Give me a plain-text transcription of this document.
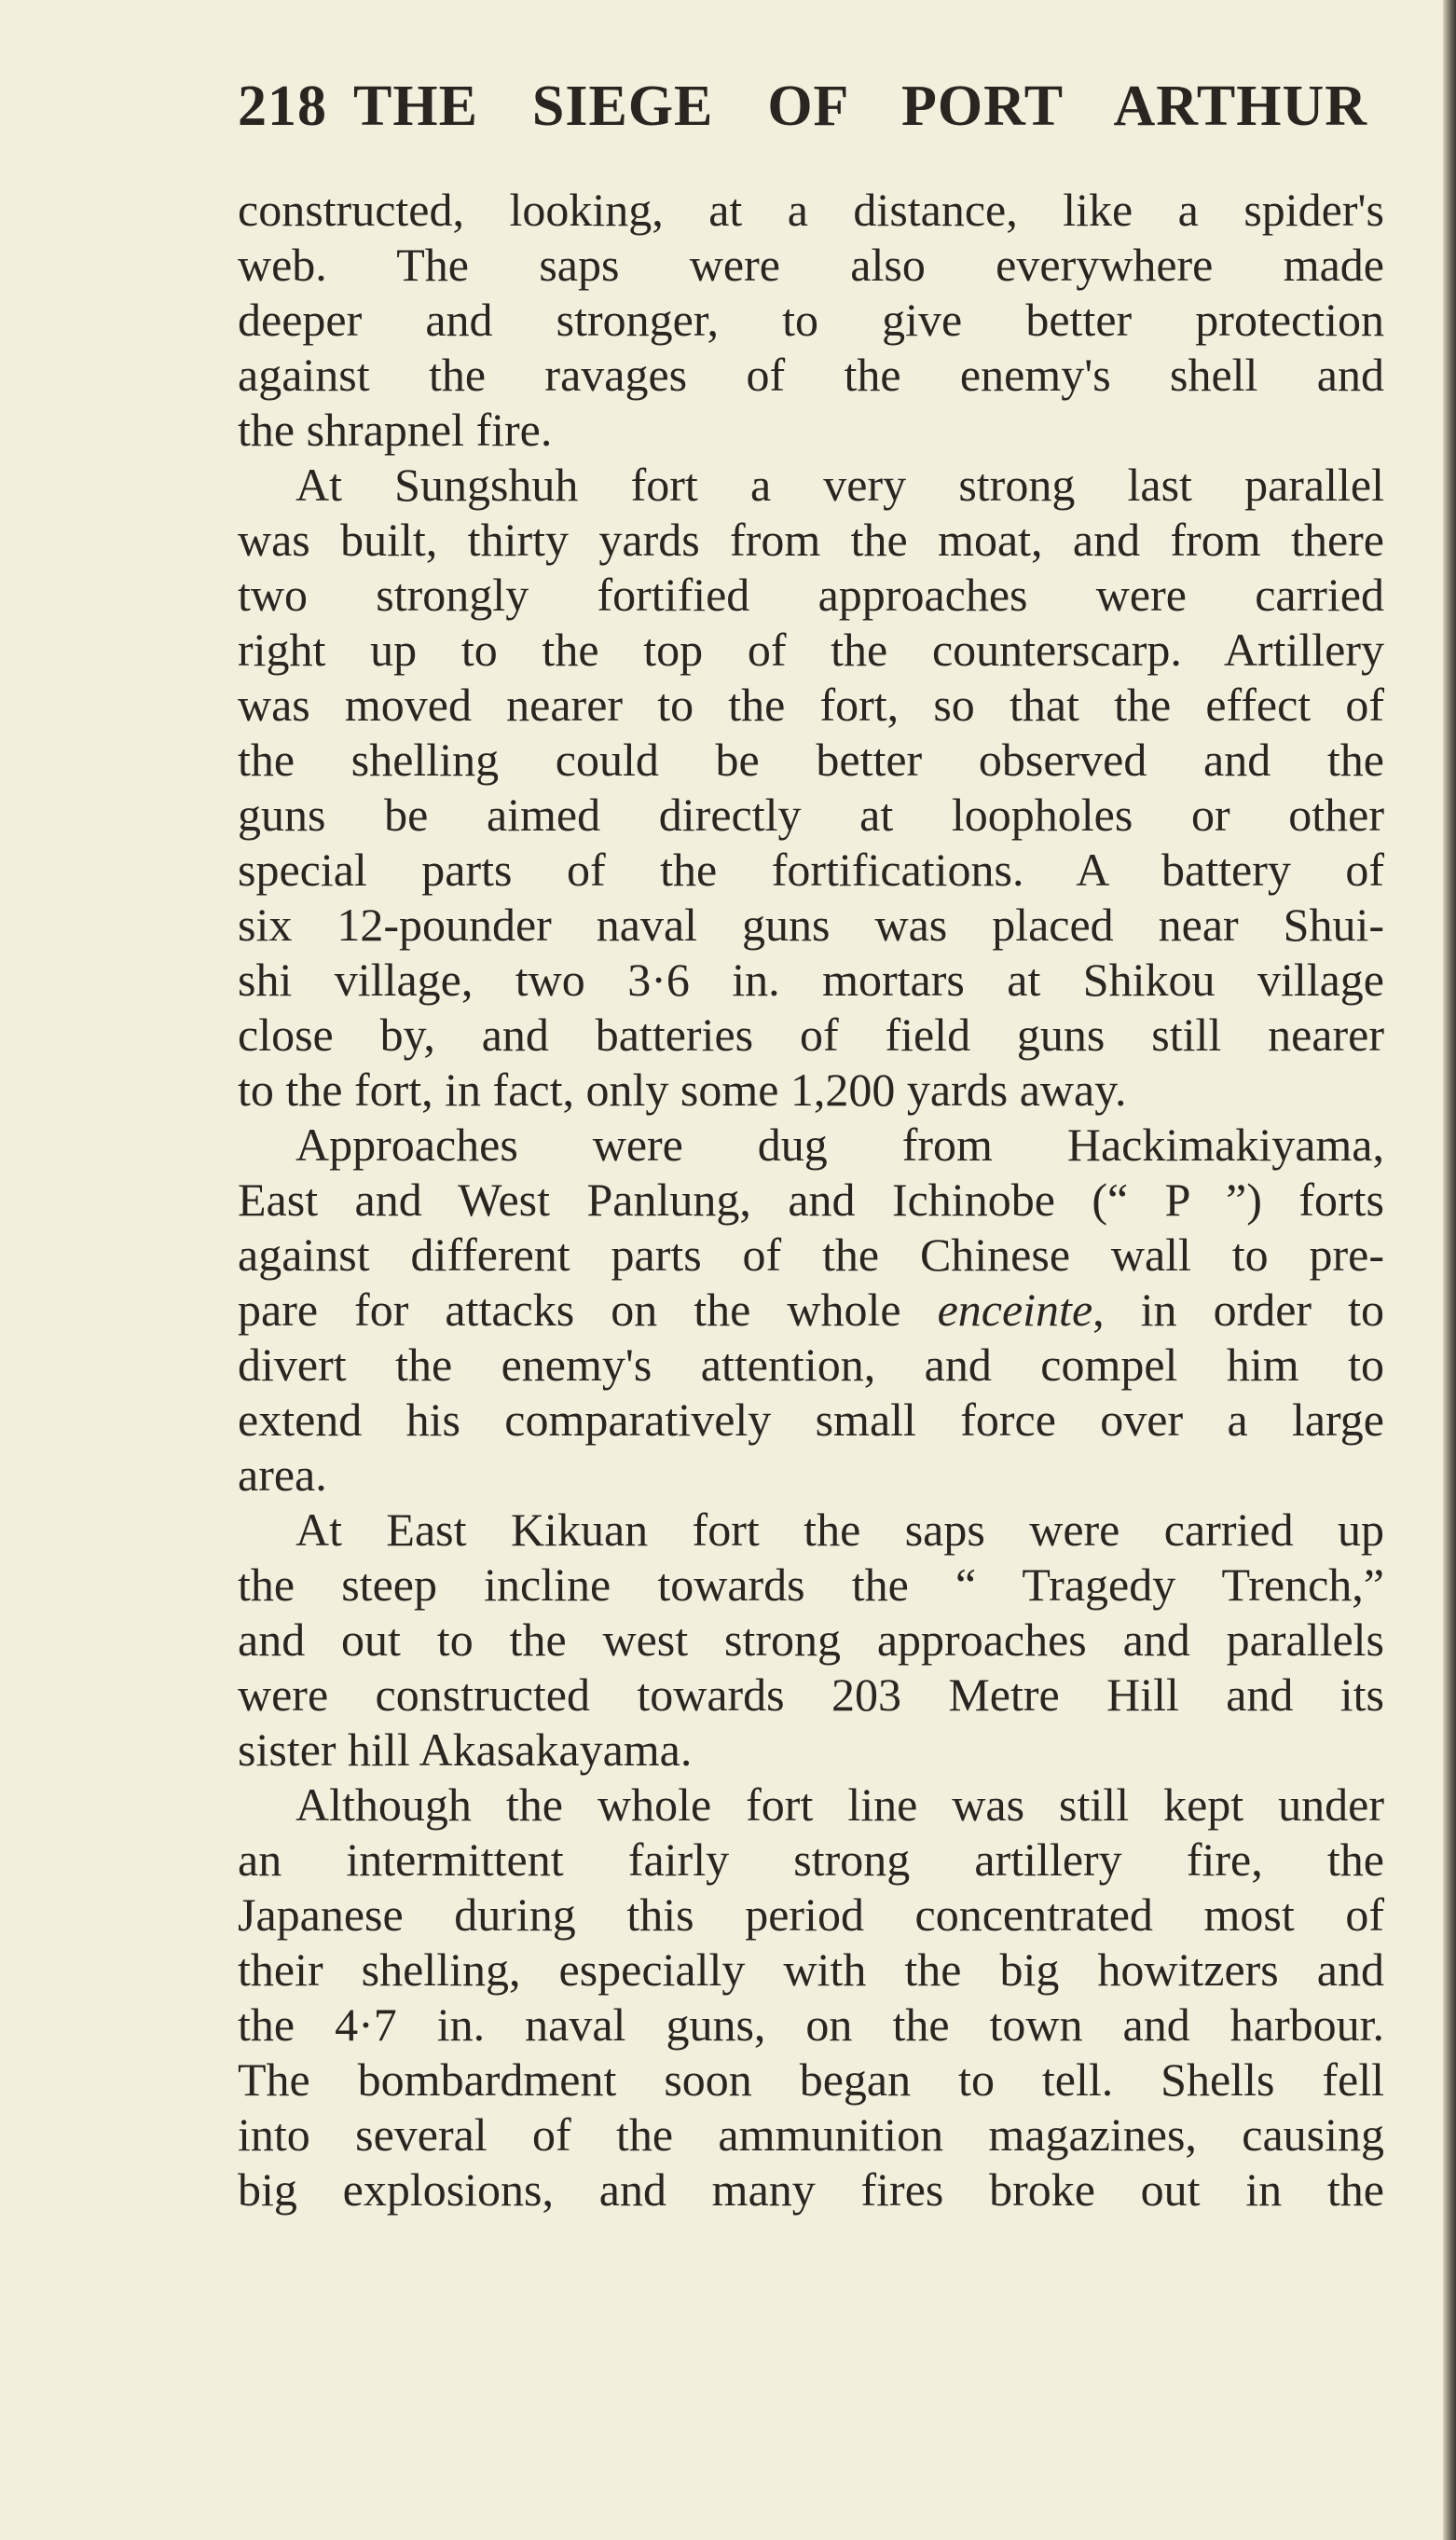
218 THE SIEGE OF PORT ARTHUR
constructed, looking, at a distance, like a spider's
web. The saps were also everywhere made
deeper and stronger, to give better protection
against the ravages of the enemy's shell and
the shrapnel fire.
At Sungshuh fort a very strong last parallel
was built, thirty yards from the moat, and from there
two strongly fortified approaches were carried
right up to the top of the counterscarp. Artillery
was moved nearer to the fort, so that the effect of
the shelling could be better observed and the
guns be aimed directly at loopholes or other
special parts of the fortifications. A battery of
six 12-pounder naval guns was placed near Shui-
shi village, two 3·6 in. mortars at Shikou village
close by, and batteries of field guns still nearer
to the fort, in fact, only some 1,200 yards away.
Approaches were dug from Hackimakiyama,
East and West Panlung, and Ichinobe (“ P ”) forts
against different parts of the Chinese wall to pre-
pare for attacks on the whole enceinte, in order to
divert the enemy's attention, and compel him to
extend his comparatively small force over a large
area.
At East Kikuan fort the saps were carried up
the steep incline towards the “ Tragedy Trench,”
and out to the west strong approaches and parallels
were constructed towards 203 Metre Hill and its
sister hill Akasakayama.
Although the whole fort line was still kept under
an intermittent fairly strong artillery fire, the
Japanese during this period concentrated most of
their shelling, especially with the big howitzers and
the 4·7 in. naval guns, on the town and harbour.
The bombardment soon began to tell. Shells fell
into several of the ammunition magazines, causing
big explosions, and many fires broke out in the
